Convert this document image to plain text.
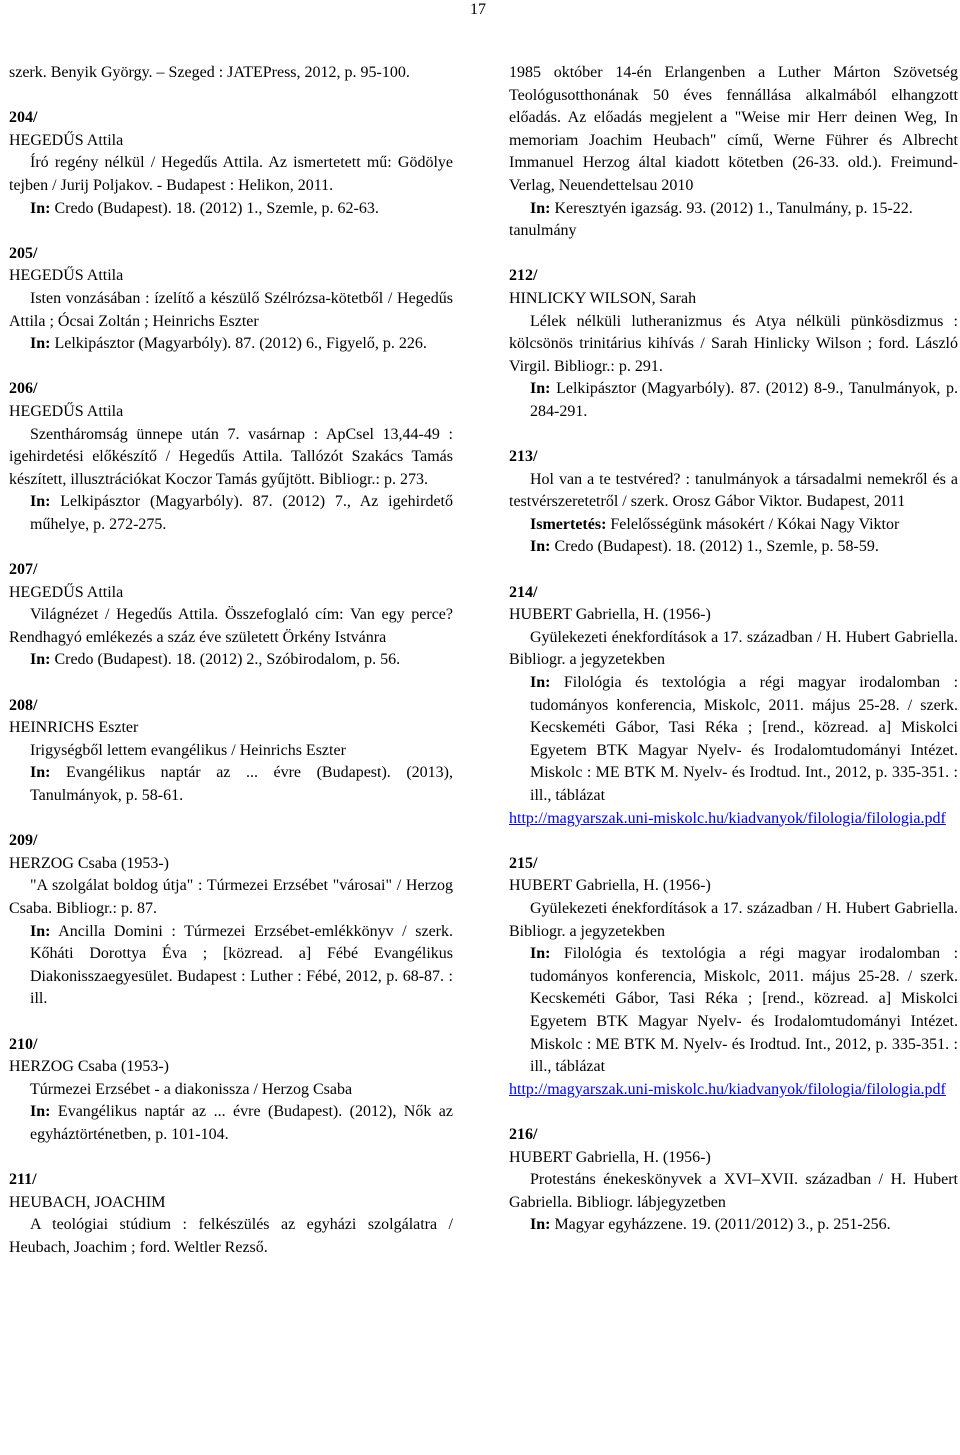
17

szerk. Benyik György. – Szeged : JATEPress, 2012, p. 95-100.

204/
HEGEDŰS Attila

Író regény nélkül / Hegedűs Attila. Az ismertetett mű: Gödölye tejben / Jurij Poljakov. - Budapest : Helikon, 2011.

In: Credo (Budapest). 18. (2012) 1., Szemle, p. 62-63.

205/
HEGEDŰS Attila

Isten vonzásában : ízelítő a készülő Szélrózsa-kötetből / Hegedűs Attila ; Ócsai Zoltán ; Heinrichs Eszter

In: Lelkipásztor (Magyarbóly). 87. (2012) 6., Figyelő, p. 226.

206/
HEGEDŰS Attila

Szentháromság ünnepe után 7. vasárnap : ApCsel 13,44-49 : igehirdetési előkészítő / Hegedűs Attila. Tallózót Szakács Tamás készített, illusztrációkat Koczor Tamás gyűjtött. Bibliogr.: p. 273.

In: Lelkipásztor (Magyarbóly). 87. (2012) 7., Az igehirdető műhelye, p. 272-275.

207/
HEGEDŰS Attila

Világnézet / Hegedűs Attila. Összefoglaló cím: Van egy perce? Rendhagyó emlékezés a száz éve született Örkény Istvánra

In: Credo (Budapest). 18. (2012) 2., Szóbirodalom, p. 56.

208/
HEINRICHS Eszter

Irigységből lettem evangélikus / Heinrichs Eszter

In: Evangélikus naptár az ... évre (Budapest). (2013), Tanulmányok, p. 58-61.

209/
HERZOG Csaba (1953-)

"A szolgálat boldog útja" : Túrmezei Erzsébet "városai" / Herzog Csaba. Bibliogr.: p. 87.

In: Ancilla Domini : Túrmezei Erzsébet-emlékkönyv / szerk. Kőháti Dorottya Éva ; [közread. a] Fébé Evangélikus Diakonisszaegyesület. Budapest : Luther : Fébé, 2012, p. 68-87. : ill.

210/
HERZOG Csaba (1953-)

Túrmezei Erzsébet - a diakonissza / Herzog Csaba

In: Evangélikus naptár az ... évre (Budapest). (2012), Nők az egyháztörténetben, p. 101-104.

211/
HEUBACH, JOACHIM

A teológiai stúdium : felkészülés az egyházi szolgálatra / Heubach, Joachim ; ford. Weltler Rezső.

1985 október 14-én Erlangenben a Luther Márton Szövetség Teológusotthonának 50 éves fennállása alkalmából elhangzott előadás. Az előadás megjelent a "Weise mir Herr deinen Weg, In memoriam Joachim Heubach" című, Werne Führer és Albrecht Immanuel Herzog által kiadott kötetben (26-33. old.). Freimund-Verlag, Neuendettelsau 2010

In: Keresztyén igazság. 93. (2012) 1., Tanulmány, p. 15-22.

tanulmány

212/
HINLICKY WILSON, Sarah

Lélek nélküli lutheranizmus és Atya nélküli pünkösdizmus : kölcsönös trinitárius kihívás / Sarah Hinlicky Wilson ; ford. László Virgil. Bibliogr.: p. 291.

In: Lelkipásztor (Magyarbóly). 87. (2012) 8-9., Tanulmányok, p. 284-291.

213/

Hol van a te testvéred? : tanulmányok a társadalmi nemekről és a testvérszeretetről / szerk. Orosz Gábor Viktor. Budapest, 2011

Ismertetés: Felelősségünk másokért / Kókai Nagy Viktor

In: Credo (Budapest). 18. (2012) 1., Szemle, p. 58-59.

214/
HUBERT Gabriella, H. (1956-)

Gyülekezeti énekfordítások a 17. században / H. Hubert Gabriella. Bibliogr. a jegyzetekben

In: Filológia és textológia a régi magyar irodalomban : tudományos konferencia, Miskolc, 2011. május 25-28. / szerk. Kecskeméti Gábor, Tasi Réka ; [rend., közread. a] Miskolci Egyetem BTK Magyar Nyelv- és Irodalomtudományi Intézet. Miskolc : ME BTK M. Nyelv- és Irodtud. Int., 2012, p. 335-351. : ill., táblázat

http://magyarszak.uni-miskolc.hu/kiadvanyok/filologia/filologia.pdf

215/
HUBERT Gabriella, H. (1956-)

Gyülekezeti énekfordítások a 17. században / H. Hubert Gabriella. Bibliogr. a jegyzetekben

In: Filológia és textológia a régi magyar irodalomban : tudományos konferencia, Miskolc, 2011. május 25-28. / szerk. Kecskeméti Gábor, Tasi Réka ; [rend., közread. a] Miskolci Egyetem BTK Magyar Nyelv- és Irodalomtudományi Intézet. Miskolc : ME BTK M. Nyelv- és Irodtud. Int., 2012, p. 335-351. : ill., táblázat

http://magyarszak.uni-miskolc.hu/kiadvanyok/filologia/filologia.pdf

216/
HUBERT Gabriella, H. (1956-)

Protestáns énekeskönyvek a XVI–XVII. században / H. Hubert Gabriella. Bibliogr. lábjegyzetben

In: Magyar egyházzene. 19. (2011/2012) 3., p. 251-256.
